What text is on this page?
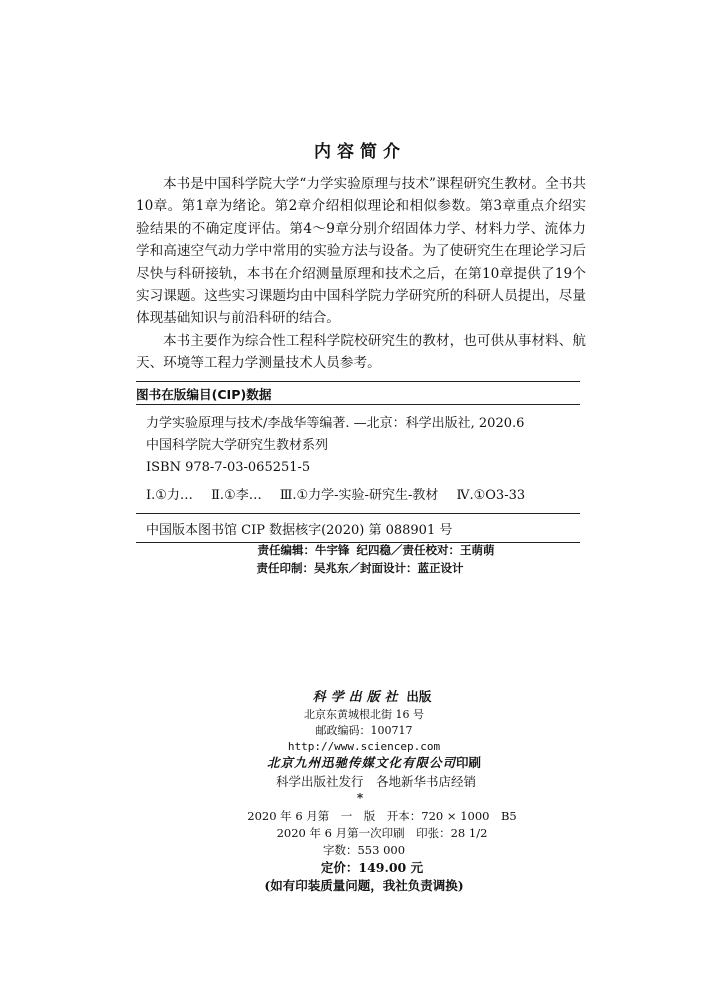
内容简介

本书是中国科学院大学“力学实验原理与技术”课程研究生教材。全书共10章。第1章为绪论。第2章介绍相似理论和相似参数。第3章重点介绍实验结果的不确定度评估。第4～9章分别介绍固体力学、材料力学、流体力学和高速空气动力学中常用的实验方法与设备。为了使研究生在理论学习后尽快与科研接轨，本书在介绍测量原理和技术之后，在第10章提供了19个实习课题。这些实习课题均由中国科学院力学研究所的科研人员提出，尽量体现基础知识与前沿科研的结合。

本书主要作为综合性工程科学院校研究生的教材，也可供从事材料、航天、环境等工程力学测量技术人员参考。

图书在版编目(CIP)数据
力学实验原理与技术/李战华等编著. —北京：科学出版社, 2020.6
中国科学院大学研究生教材系列
ISBN 978-7-03-065251-5
Ⅰ.①力… Ⅱ.①李… Ⅲ.①力学-实验-研究生-教材 Ⅳ.①O3-33
中国版本图书馆 CIP 数据核字(2020) 第 088901 号
责任编辑：牛宇锋 纪四稳／责任校对：王萌萌
责任印制：吴兆东／封面设计：蓝正设计
科学出版社 出版
北京东黄城根北街 16 号
邮政编码：100717
http://www.sciencep.com
北京九州迅驰传媒文化有限公司印刷
科学出版社发行　各地新华书店经销
*
2020 年 6 月第　一　版　开本：720 × 1000　B5
2020 年 6 月第一次印刷　印张：28 1/2
字数：553 000
定价：149.00 元
(如有印装质量问题，我社负责调换)
